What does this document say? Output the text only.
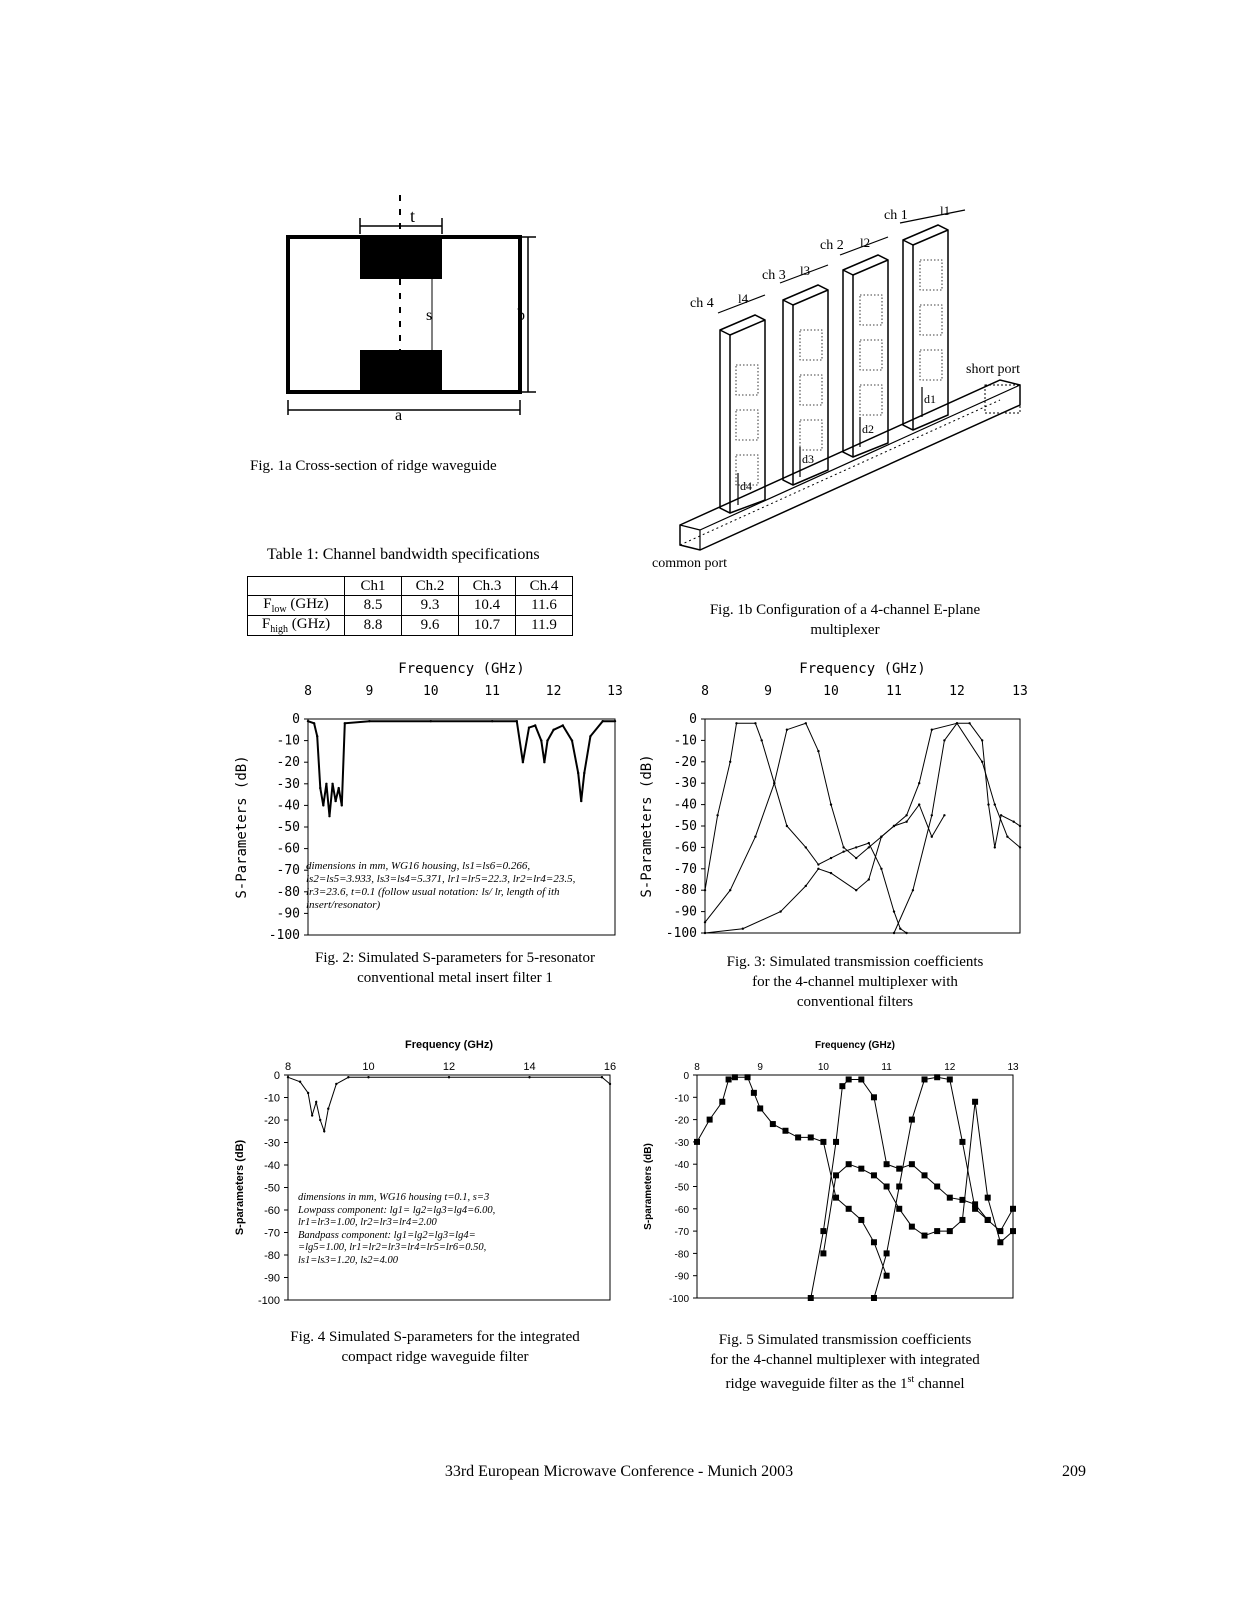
t
s	b
a
Fig. 1a Cross-section of ridge waveguide
d4
d3
d2
d1
ch 4
ch 3
ch 2
ch 1
l4
l3
l2
l1
short port
common port
Fig. 1b Configuration of a 4-channel E-plane
multiplexer
Table 1: Channel bandwidth specifications
	Ch1	Ch.2	Ch.3	Ch.4
$F_{low}$ (GHz)	8.5	9.3	10.4	11.6
$F_{high}$ (GHz)	8.8	9.6	10.7	11.9
Frequency (GHz)
8	9	10	11	12	13
0
-10
-20
-30
-40
-50
-60
-70
-80
-90
-100
S-Parameters (dB)
Frequency (GHz)
8	9	10	11	12	13
0
-10
-20
-30
-40
-50
-60
-70
-80
-90
-100
S-Parameters (dB)
Frequency (GHz)
8	10	12	14	16
0
-10
-20
-30
-40
-50
-60
-70
-80
-90
-100
S-parameters (dB)
Frequency (GHz)
8	9	10	11	12	13
0
-10
-20
-30
-40
-50
-60
-70
-80
-90
-100
S-parameters (dB)
dimensions in mm, WG16 housing, ls1=ls6=0.266,
ls2=ls5=3.933, ls3=ls4=5.371, lr1=lr5=22.3, lr2=lr4=23.5,
lr3=23.6, t=0.1 (follow usual notation: ls/ lr, length of ith
insert/resonator)
dimensions in mm, WG16 housing t=0.1, s=3
Lowpass component: lg1= lg2=lg3=lg4=6.00,
lr1=lr3=1.00, lr2=lr3=lr4=2.00
Bandpass component: lg1=lg2=lg3=lg4=
=lg5=1.00, lr1=lr2=lr3=lr4=lr5=lr6=0.50,
ls1=ls3=1.20, ls2=4.00
Fig. 2: Simulated S-parameters for 5-resonator
conventional metal insert filter 1
Fig. 3: Simulated transmission coefficients
for the 4-channel multiplexer with
conventional filters
Fig. 4 Simulated S-parameters for the integrated
compact ridge waveguide filter
Fig. 5 Simulated transmission coefficients
for the 4-channel multiplexer with integrated
ridge waveguide filter as the 1st channel
33rd European Microwave Conference - Munich 2003	209
